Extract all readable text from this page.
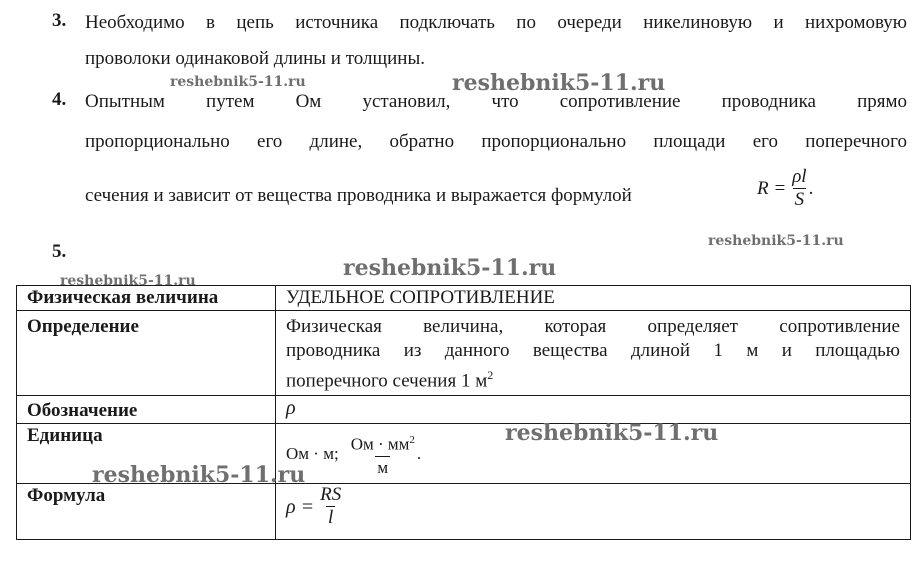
3. Необходимо в цепь источника подключать по очереди никелиновую и нихромовую
проволоки одинаковой длины и толщины.
4. Опытным путем Ом установил, что сопротивление проводника прямо
пропорционально его длине, обратно пропорционально площади его поперечного
сечения и зависит от вещества проводника и выражается формулой	$R = \frac{\rho l}{S}$ .
5.
Физическая величина	УДЕЛЬНОЕ СОПРОТИВЛЕНИЕ
Определение	Физическая величина, которая определяет сопротивление
проводника из данного вещества длиной 1 м и площадью
поперечного сечения 1 $м^2$

Обозначение	ρ
Единица	Ом · м; $\frac{Ом \cdot мм^2}{м}$ .

Формула	$\rho = \frac{RS}{l}$
reshebnik5-11.ru	reshebnik5-11.ru
reshebnik5-11.ru
reshebnik5-11.ru
reshebnik5-11.ru
reshebnik5-11.ru
reshebnik5-11.ru
